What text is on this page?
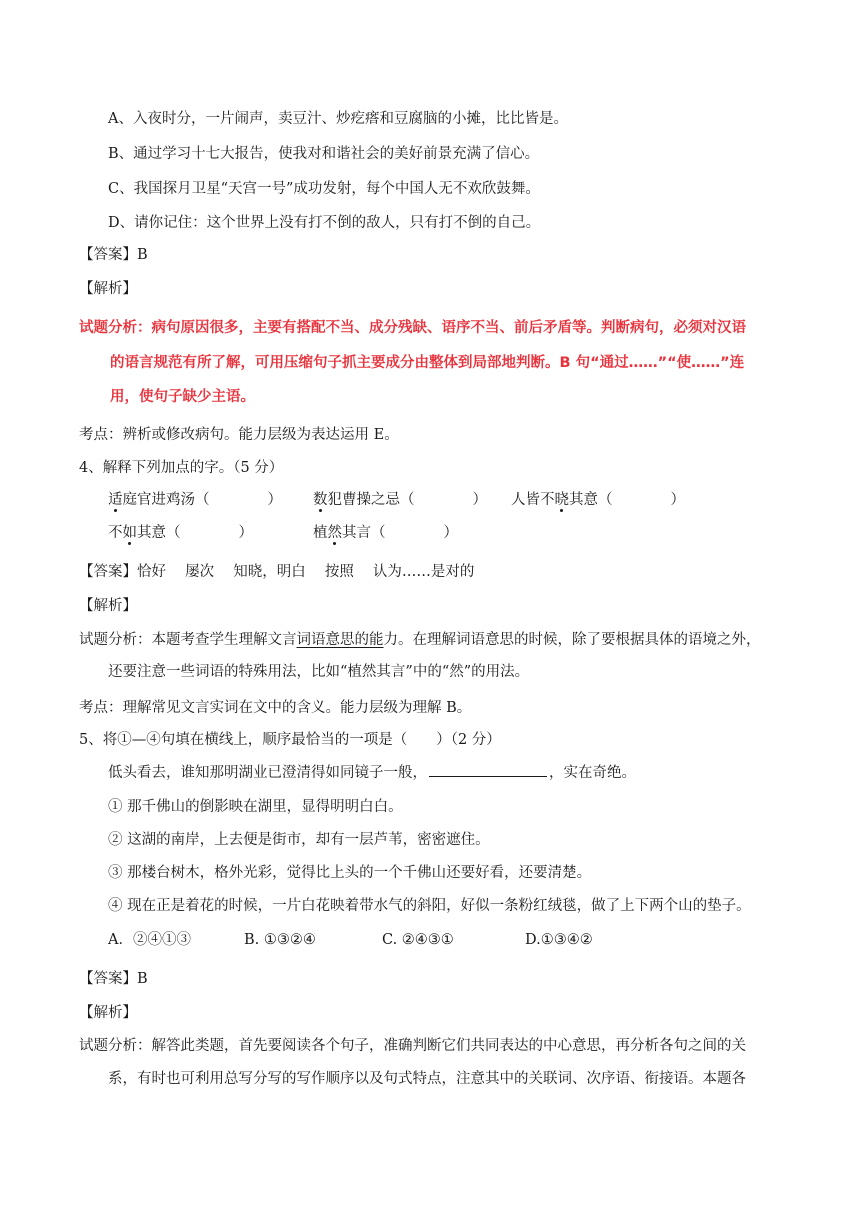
A、入夜时分，一片闹声，卖豆汁、炒疙瘩和豆腐脑的小摊，比比皆是。
B、通过学习十七大报告，使我对和谐社会的美好前景充满了信心。
C、我国探月卫星“天宫一号”成功发射，每个中国人无不欢欣鼓舞。
D、请你记住：这个世界上没有打不倒的敌人，只有打不倒的自己。
【答案】B
【解析】
试题分析：病句原因很多，主要有搭配不当、成分残缺、语序不当、前后矛盾等。判断病句，必须对汉语
的语言规范有所了解，可用压缩句子抓主要成分由整体到局部地判断。B 句“通过……”“使……”连
用，使句子缺少主语。
考点：辨析或修改病句。能力层级为表达运用 E。
4、解释下列加点的字。（5 分）
适庭官进鸡汤（　　　　） 数犯曹操之忌（　　　　） 人皆不晓其意（　　　　）
不如其意（　　　　）	植然其言（　　　　）
【答案】恰好　 屡次　 知晓，明白　 按照　 认为……是对的
【解析】
试题分析：本题考查学生理解文言词语意思的能力。在理解词语意思的时候，除了要根据具体的语境之外，
还要注意一些词语的特殊用法，比如“植然其言”中的“然”的用法。
考点：理解常见文言实词在文中的含义。能力层级为理解 B。
5、将①—④句填在横线上，顺序最恰当的一项是（　　）（2 分）
低头看去，谁知那明湖业已澄清得如同镜子一般，	，实在奇绝。
① 那千佛山的倒影映在湖里，显得明明白白。
② 这湖的南岸，上去便是街市，却有一层芦苇，密密遮住。
③ 那楼台树木，格外光彩，觉得比上头的一个千佛山还要好看，还要清楚。
④ 现在正是着花的时候，一片白花映着带水气的斜阳，好似一条粉红绒毯，做了上下两个山的垫子。
A．②④①③	B. ①③②④	C. ②④③①	D.①③④②
【答案】B
【解析】
试题分析：解答此类题，首先要阅读各个句子，准确判断它们共同表达的中心意思，再分析各句之间的关
系，有时也可利用总写分写的写作顺序以及句式特点，注意其中的关联词、次序语、衔接语。本题各
